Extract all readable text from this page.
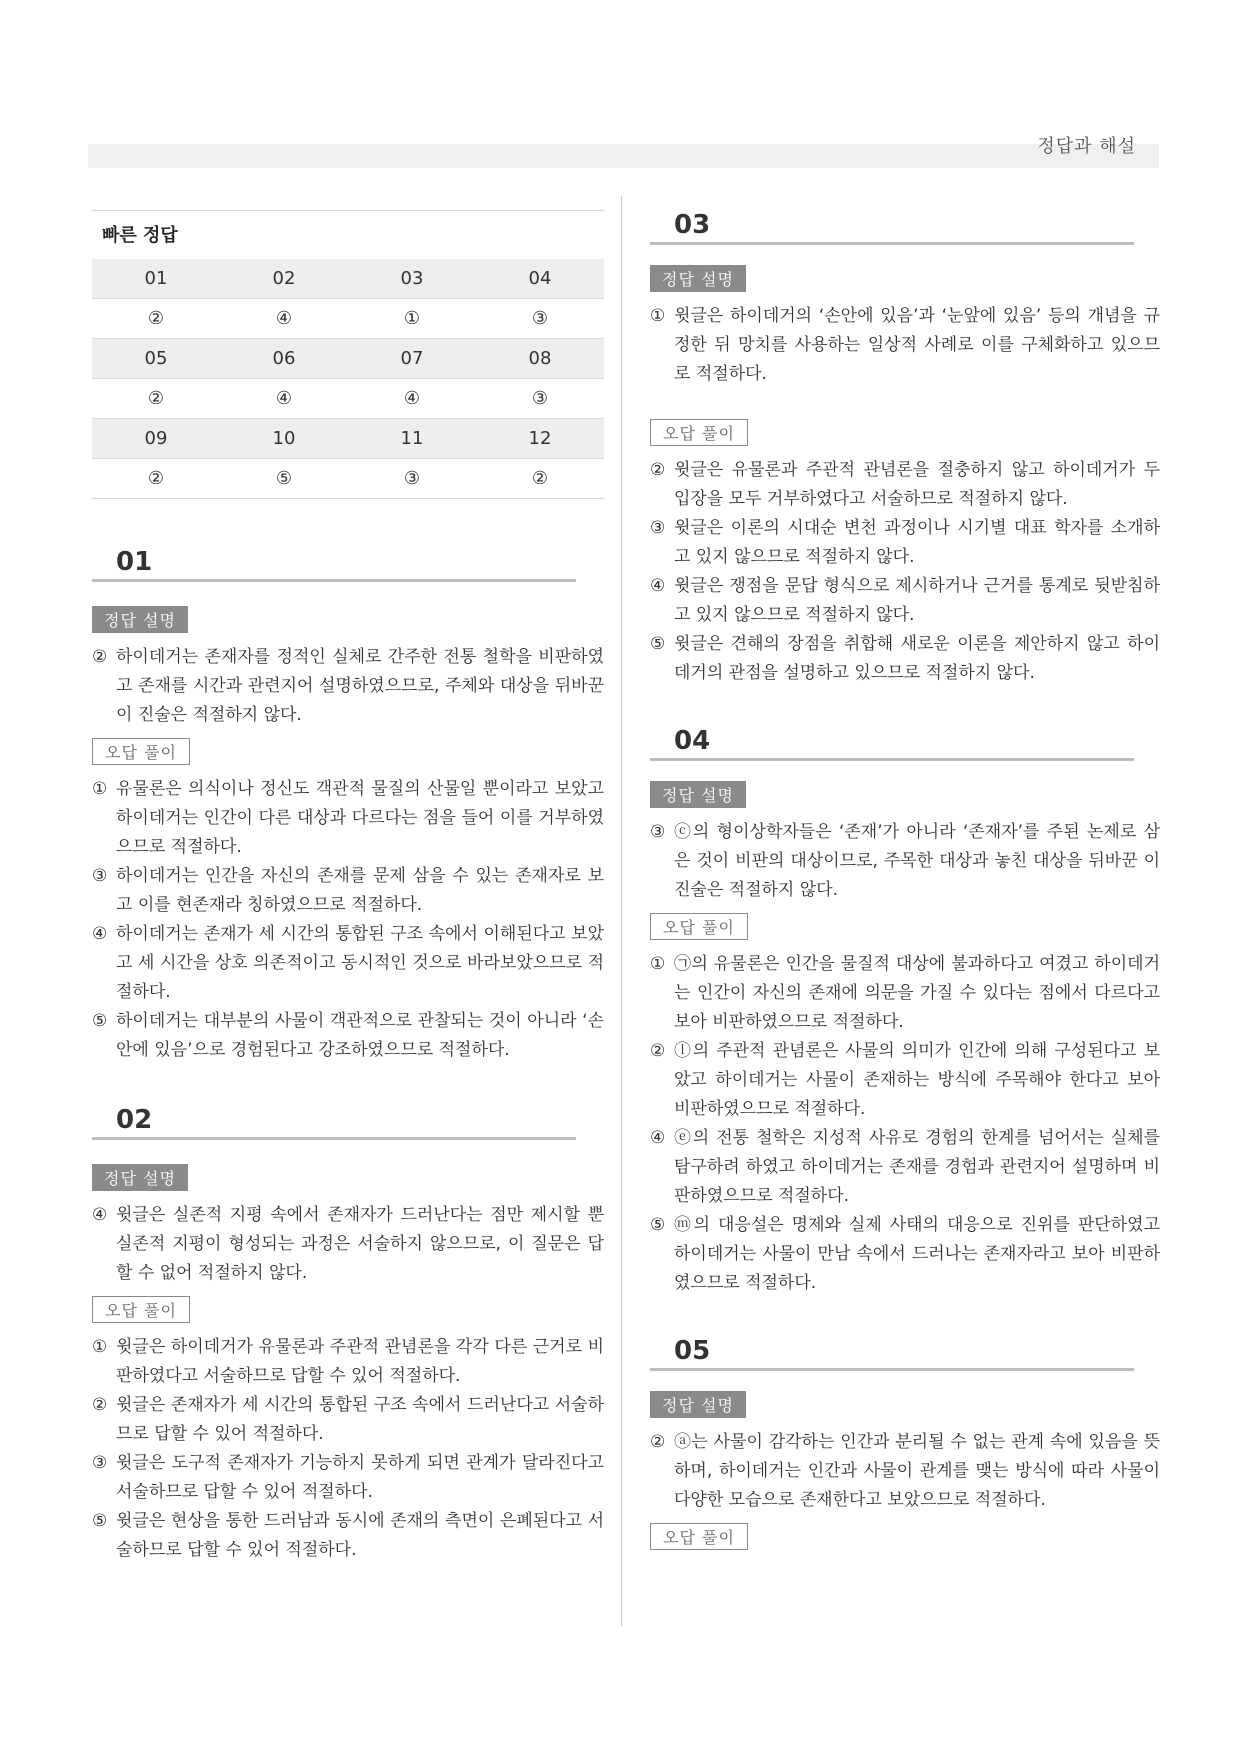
정답과 해설
빠른 정답
01	02	03	04
②	④	①	③
05	06	07	08
②	④	④	③
09	10	11	12
②	⑤	③	②
01
정답 설명
② 하이데거는 존재자를 정적인 실체로 간주한 전통 철학을 비판하였고 존재를 시간과 관련지어 설명하였으므로, 주체와 대상을 뒤바꾼 이 진술은 적절하지 않다.
오답 풀이
① 유물론은 의식이나 정신도 객관적 물질의 산물일 뿐이라고 보았고 하이데거는 인간이 다른 대상과 다르다는 점을 들어 이를 거부하였으므로 적절하다.
③ 하이데거는 인간을 자신의 존재를 문제 삼을 수 있는 존재자로 보고 이를 현존재라 칭하였으므로 적절하다.
④ 하이데거는 존재가 세 시간의 통합된 구조 속에서 이해된다고 보았고 세 시간을 상호 의존적이고 동시적인 것으로 바라보았으므로 적절하다.
⑤ 하이데거는 대부분의 사물이 객관적으로 관찰되는 것이 아니라 ‘손안에 있음’으로 경험된다고 강조하였으므로 적절하다.
02
정답 설명
④ 윗글은 실존적 지평 속에서 존재자가 드러난다는 점만 제시할 뿐 실존적 지평이 형성되는 과정은 서술하지 않으므로, 이 질문은 답할 수 없어 적절하지 않다.
오답 풀이
① 윗글은 하이데거가 유물론과 주관적 관념론을 각각 다른 근거로 비판하였다고 서술하므로 답할 수 있어 적절하다.
② 윗글은 존재자가 세 시간의 통합된 구조 속에서 드러난다고 서술하므로 답할 수 있어 적절하다.
③ 윗글은 도구적 존재자가 기능하지 못하게 되면 관계가 달라진다고 서술하므로 답할 수 있어 적절하다.
⑤ 윗글은 현상을 통한 드러남과 동시에 존재의 측면이 은폐된다고 서술하므로 답할 수 있어 적절하다.
03
정답 설명
① 윗글은 하이데거의 ‘손안에 있음’과 ‘눈앞에 있음’ 등의 개념을 규정한 뒤 망치를 사용하는 일상적 사례로 이를 구체화하고 있으므로 적절하다.
오답 풀이
② 윗글은 유물론과 주관적 관념론을 절충하지 않고 하이데거가 두 입장을 모두 거부하였다고 서술하므로 적절하지 않다.
③ 윗글은 이론의 시대순 변천 과정이나 시기별 대표 학자를 소개하고 있지 않으므로 적절하지 않다.
④ 윗글은 쟁점을 문답 형식으로 제시하거나 근거를 통계로 뒷받침하고 있지 않으므로 적절하지 않다.
⑤ 윗글은 견해의 장점을 취합해 새로운 이론을 제안하지 않고 하이데거의 관점을 설명하고 있으므로 적절하지 않다.
04
정답 설명
③ ⓒ의 형이상학자들은 ‘존재’가 아니라 ‘존재자’를 주된 논제로 삼은 것이 비판의 대상이므로, 주목한 대상과 놓친 대상을 뒤바꾼 이 진술은 적절하지 않다.
오답 풀이
① ㉠의 유물론은 인간을 물질적 대상에 불과하다고 여겼고 하이데거는 인간이 자신의 존재에 의문을 가질 수 있다는 점에서 다르다고 보아 비판하였으므로 적절하다.
② ⓛ의 주관적 관념론은 사물의 의미가 인간에 의해 구성된다고 보았고 하이데거는 사물이 존재하는 방식에 주목해야 한다고 보아 비판하였으므로 적절하다.
④ ⓔ의 전통 철학은 지성적 사유로 경험의 한계를 넘어서는 실체를 탐구하려 하였고 하이데거는 존재를 경험과 관련지어 설명하며 비판하였으므로 적절하다.
⑤ ⓜ의 대응설은 명제와 실제 사태의 대응으로 진위를 판단하였고 하이데거는 사물이 만남 속에서 드러나는 존재자라고 보아 비판하였으므로 적절하다.
05
정답 설명
② ⓐ는 사물이 감각하는 인간과 분리될 수 없는 관계 속에 있음을 뜻하며, 하이데거는 인간과 사물이 관계를 맺는 방식에 따라 사물이 다양한 모습으로 존재한다고 보았으므로 적절하다.
오답 풀이
